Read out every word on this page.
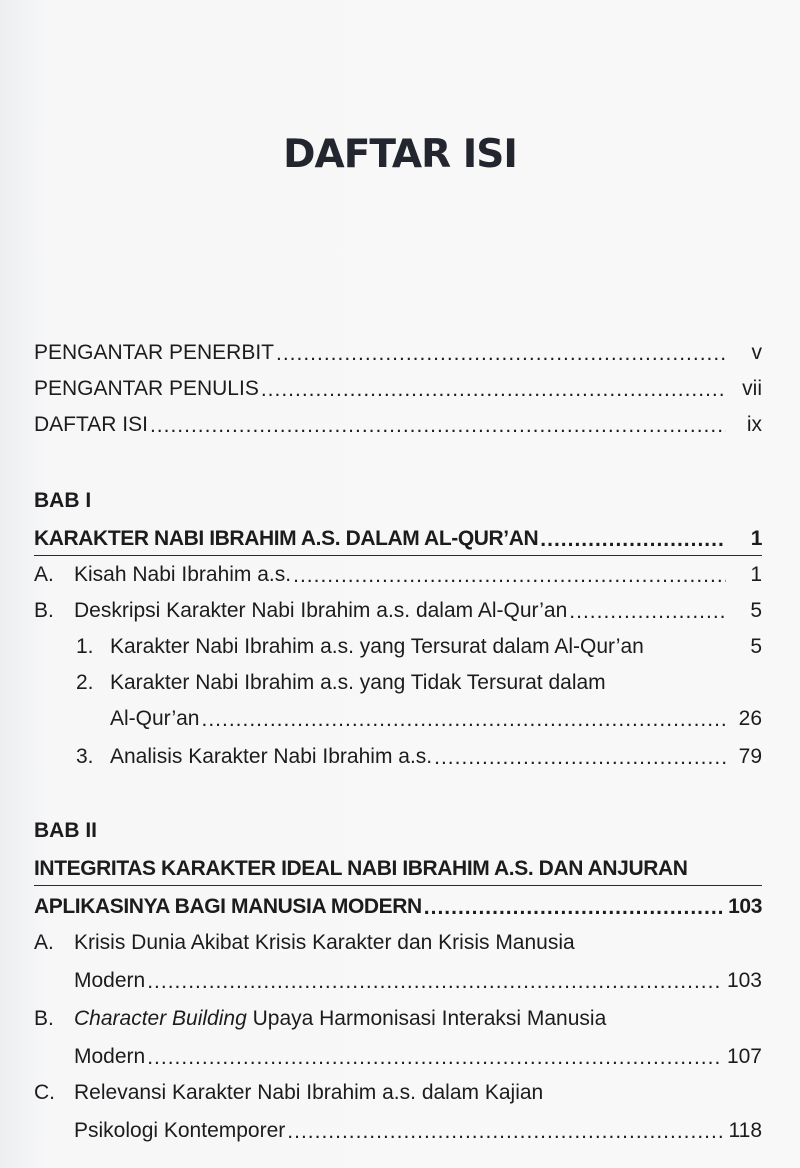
DAFTAR ISI
PENGANTAR PENERBIT .....	v
PENGANTAR PENULIS .....	vii
DAFTAR ISI .....	ix
BAB I
KARAKTER NABI IBRAHIM A.S. DALAM AL-QUR’AN .....	1
A. Kisah Nabi Ibrahim a.s. .....	1
B. Deskripsi Karakter Nabi Ibrahim a.s. dalam Al-Qur’an .....	5
1. Karakter Nabi Ibrahim a.s. yang Tersurat dalam Al-Qur’an	5
2. Karakter Nabi Ibrahim a.s. yang Tidak Tersurat dalam
Al-Qur’an .....	26
3. Analisis Karakter Nabi Ibrahim a.s. .....	79
BAB II
INTEGRITAS KARAKTER IDEAL NABI IBRAHIM A.S. DAN ANJURAN
APLIKASINYA BAGI MANUSIA MODERN .....	103
A. Krisis Dunia Akibat Krisis Karakter dan Krisis Manusia
Modern .....	103
B. Character Building Upaya Harmonisasi Interaksi Manusia
Modern .....	107
C. Relevansi Karakter Nabi Ibrahim a.s. dalam Kajian
Psikologi Kontemporer .....	118
